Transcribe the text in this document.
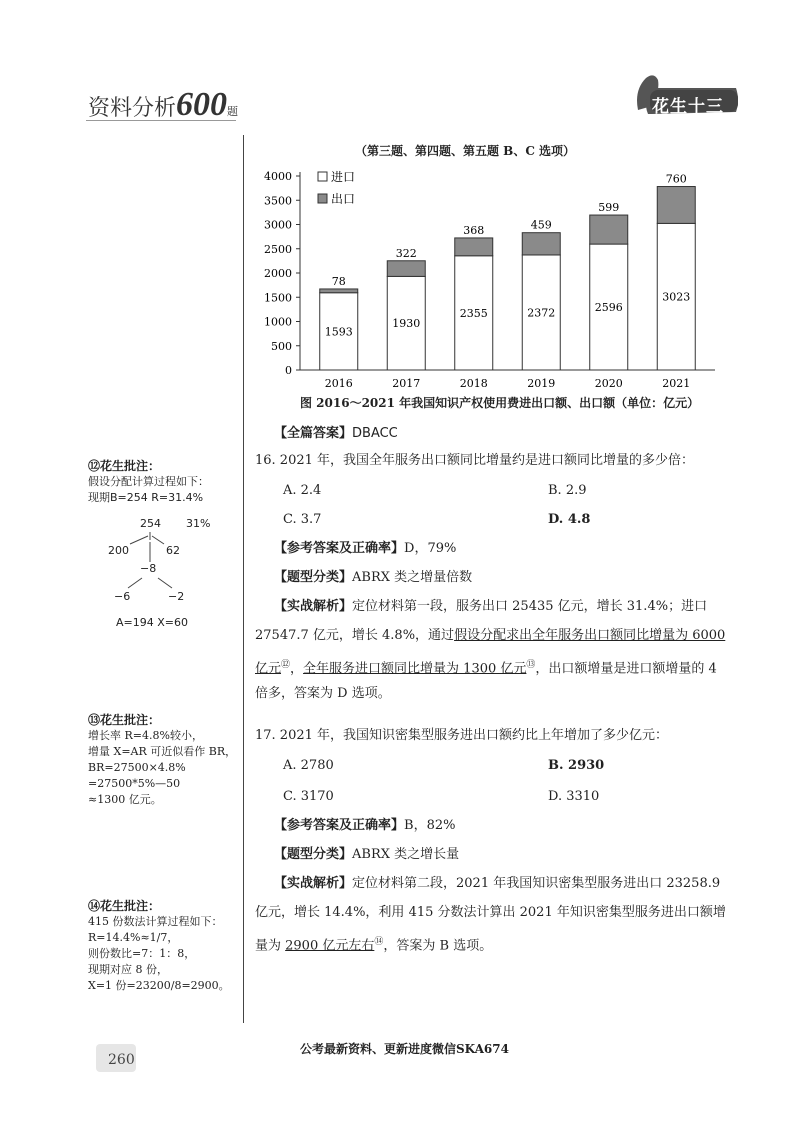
资料分析600题	花生十三
（第三题、第四题、第五题 B、C 选项）
0
500
1000
1500
2000
2500
3000
3500
4000
1593
78
2016
1930
322
2017
2355
368
2018
2372
459
2019
2596
599
2020
3023
760
2021
进口
出口
图 2016～2021 年我国知识产权使用费进出口额、出口额（单位：亿元）
【全篇答案】DBACC
16. 2021 年，我国全年服务出口额同比增量约是进口额同比增量的多少倍：
A. 2.4	B. 2.9
C. 3.7	D. 4.8
【参考答案及正确率】D，79%
【题型分类】ABRX 类之增量倍数
【实战解析】定位材料第一段，服务出口 25435 亿元，增长 31.4%；进口
27547.7 亿元，增长 4.8%，通过假设分配求出全年服务出口额同比增量为 6000
亿元⑫，全年服务进口额同比增量为 1300 亿元⑬，出口额增量是进口额增量的 4
倍多，答案为 D 选项。
17. 2021 年，我国知识密集型服务进出口额约比上年增加了多少亿元：
A. 2780	B. 2930
C. 3170	D. 3310
【参考答案及正确率】B，82%
【题型分类】ABRX 类之增长量
【实战解析】定位材料第二段，2021 年我国知识密集型服务进出口 23258.9
亿元，增长 14.4%，利用 415 分数法计算出 2021 年知识密集型服务进出口额增
量为 2900 亿元左右⑭，答案为 B 选项。
⑫花生批注：
假设分配计算过程如下：
现期B=254 R=31.4%
254 31%
200	62
−8
−6	−2
A=194 X=60
⑬花生批注：
增长率 R=4.8%较小，
增量 X=AR 可近似看作 BR，
BR=27500×4.8%
=27500*5%—50
≈1300 亿元。
⑭花生批注：
415 份数法计算过程如下：
R=14.4%≈1/7，
则份数比=7：1：8，
现期对应 8 份，
X=1 份=23200/8=2900。
公考最新资料、更新进度微信SKA674
260
